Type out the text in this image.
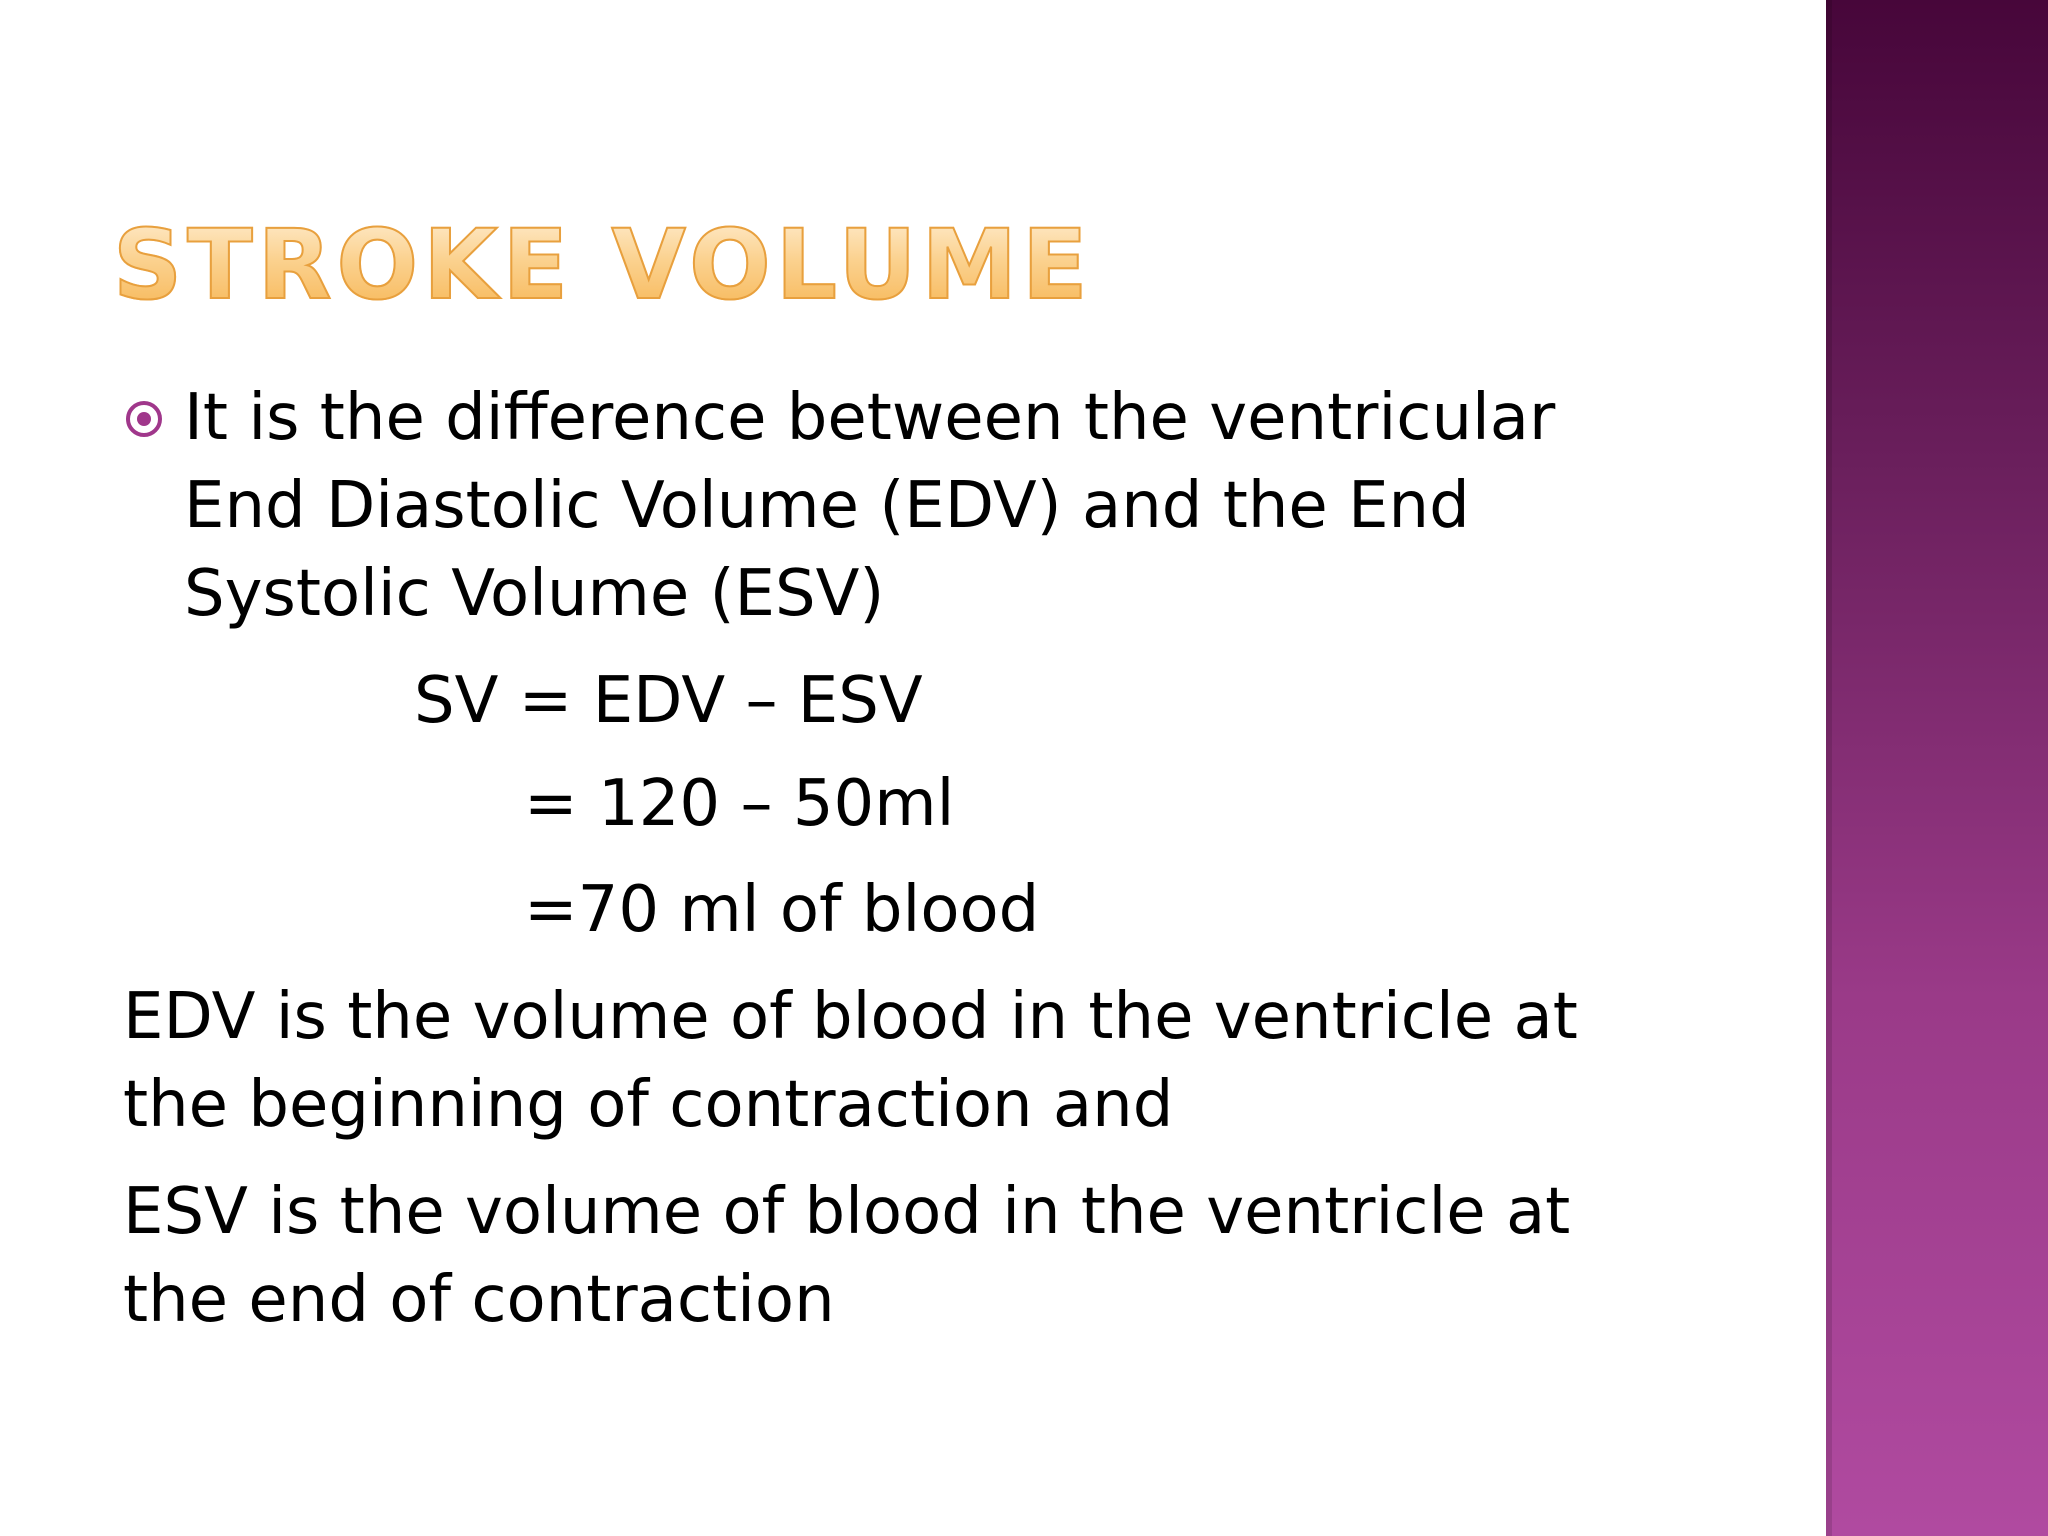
STROKE VOLUME

It is the difference between the ventricular

End Diastolic Volume (EDV) and the End

Systolic Volume (ESV)

SV = EDV – ESV

= 120 – 50ml

=70 ml of blood

EDV is the volume of blood in the ventricle at

the beginning of contraction and

ESV is the volume of blood in the ventricle at

the end of contraction
